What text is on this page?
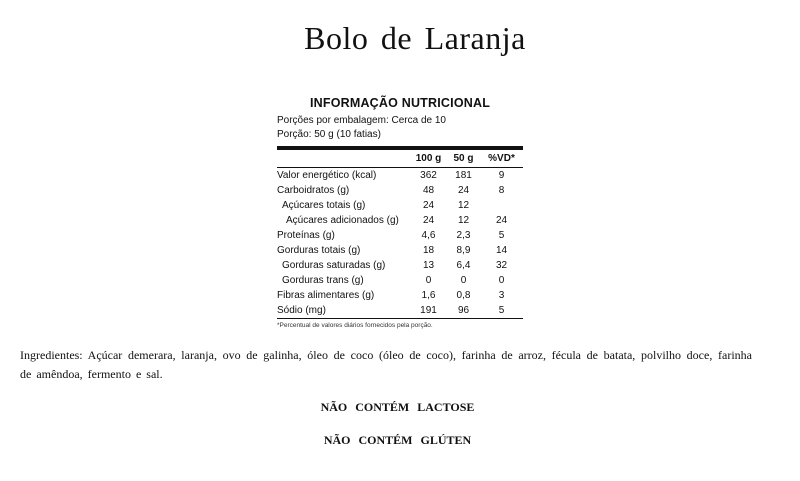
Bolo de Laranja
INFORMAÇÃO NUTRICIONAL
Porções por embalagem: Cerca de 10
Porção: 50 g (10 fatias)
	100 g	50 g	%VD*
Valor energético (kcal)	362	181	9
Carboidratos (g)	48	24	8
Açúcares totais (g)	24	12	
Açúcares adicionados (g)	24	12	24
Proteínas (g)	4,6	2,3	5
Gorduras totais (g)	18	8,9	14
Gorduras saturadas (g)	13	6,4	32
Gorduras trans (g)	0	0	0
Fibras alimentares (g)	1,6	0,8	3
Sódio (mg)	191	96	5
*Percentual de valores diários fornecidos pela porção.
Ingredientes: Açúcar demerara, laranja, ovo de galinha, óleo de coco (óleo de coco), farinha de arroz, fécula de batata, polvilho doce, farinha de amêndoa, fermento e sal.
NÃO CONTÉM LACTOSE
NÃO CONTÉM GLÚTEN
